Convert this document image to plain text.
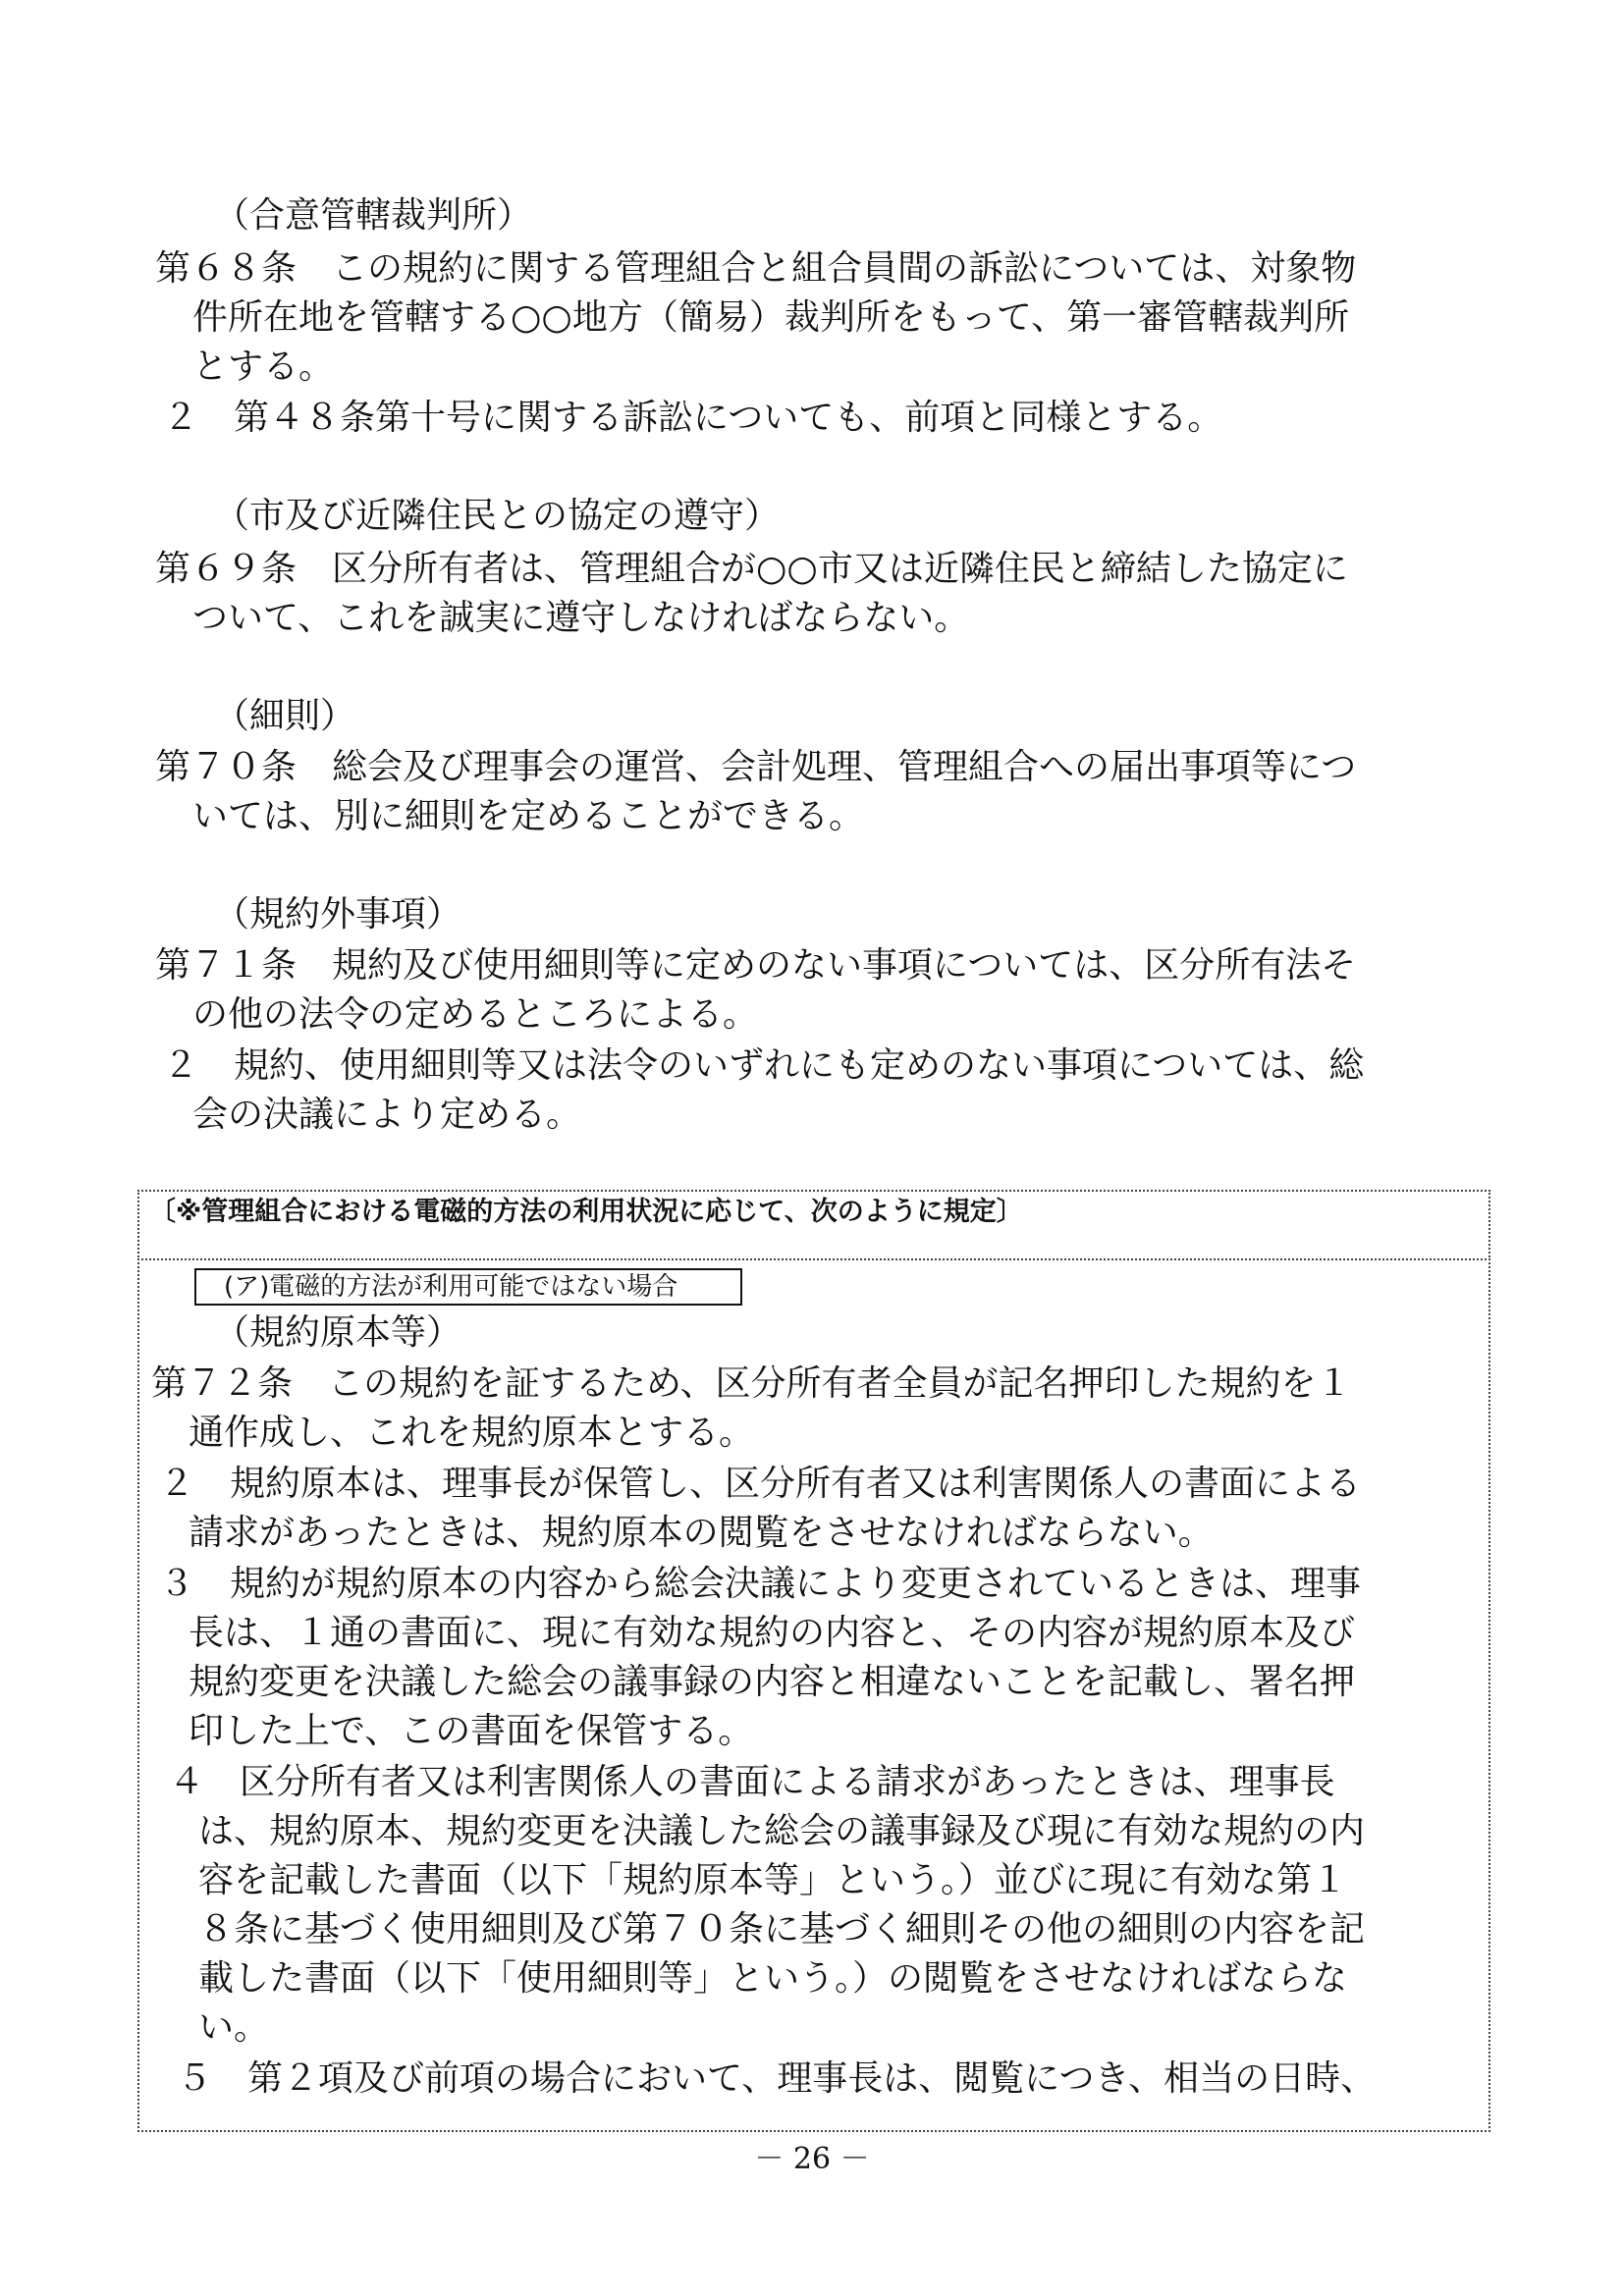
（合意管轄裁判所）
第６８条　この規約に関する管理組合と組合員間の訴訟については、対象物
件所在地を管轄する○○地方（簡易）裁判所をもって、第一審管轄裁判所
とする。
２　第４８条第十号に関する訴訟についても、前項と同様とする。
（市及び近隣住民との協定の遵守）
第６９条　区分所有者は、管理組合が○○市又は近隣住民と締結した協定に
ついて、これを誠実に遵守しなければならない。
（細則）
第７０条　総会及び理事会の運営、会計処理、管理組合への届出事項等につ
いては、別に細則を定めることができる。
（規約外事項）
第７１条　規約及び使用細則等に定めのない事項については、区分所有法そ
の他の法令の定めるところによる。
２　規約、使用細則等又は法令のいずれにも定めのない事項については、総
会の決議により定める。
〔※管理組合における電磁的方法の利用状況に応じて、次のように規定〕
(ア)電磁的方法が利用可能ではない場合
（規約原本等）
第７２条　この規約を証するため、区分所有者全員が記名押印した規約を１
通作成し、これを規約原本とする。
２　規約原本は、理事長が保管し、区分所有者又は利害関係人の書面による
請求があったときは、規約原本の閲覧をさせなければならない。
３　規約が規約原本の内容から総会決議により変更されているときは、理事
長は、１通の書面に、現に有効な規約の内容と、その内容が規約原本及び
規約変更を決議した総会の議事録の内容と相違ないことを記載し、署名押
印した上で、この書面を保管する。
４　区分所有者又は利害関係人の書面による請求があったときは、理事長
は、規約原本、規約変更を決議した総会の議事録及び現に有効な規約の内
容を記載した書面（以下「規約原本等」という。）並びに現に有効な第１
８条に基づく使用細則及び第７０条に基づく細則その他の細則の内容を記
載した書面（以下「使用細則等」という。）の閲覧をさせなければならな
い。
５　第２項及び前項の場合において、理事長は、閲覧につき、相当の日時、
－ 26 －
